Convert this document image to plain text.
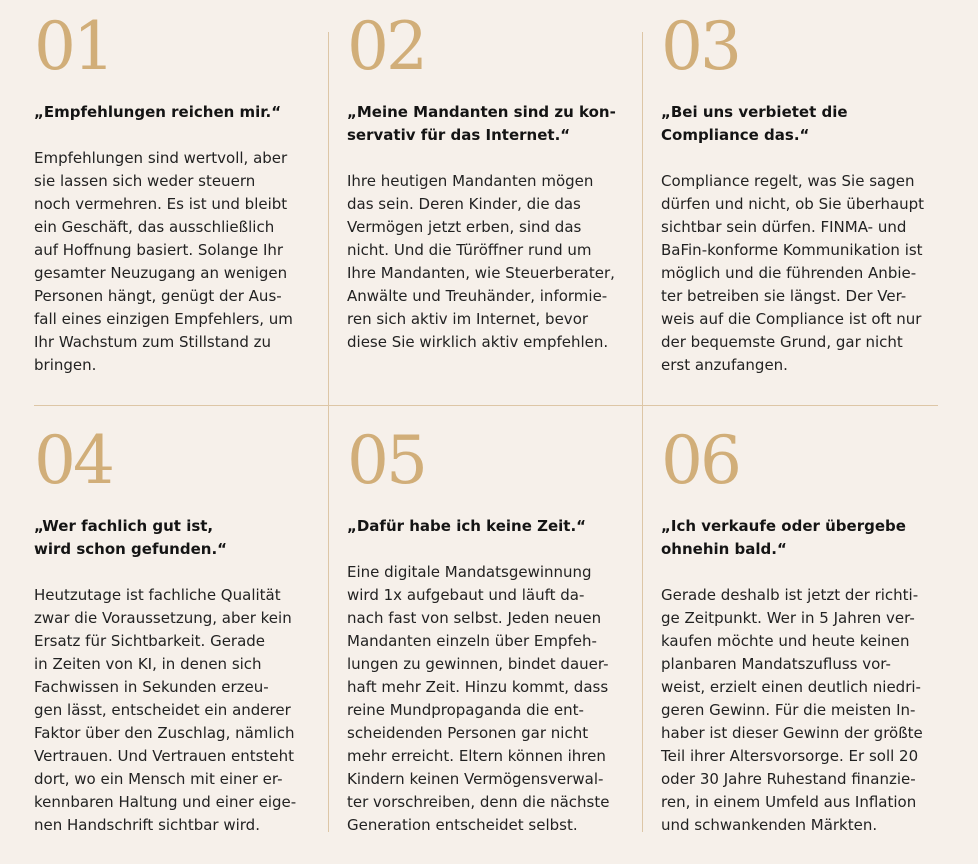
01
„Empfehlungen reichen mir.“

Empfehlungen sind wertvoll, aber
sie lassen sich weder steuern
noch vermehren. Es ist und bleibt
ein Geschäft, das ausschließlich
auf Hoffnung basiert. Solange Ihr
gesamter Neuzugang an wenigen
Personen hängt, genügt der Aus-
fall eines einzigen Empfehlers, um
Ihr Wachstum zum Stillstand zu
bringen.

02
„Meine Mandanten sind zu kon-
servativ für das Internet.“

Ihre heutigen Mandanten mögen
das sein. Deren Kinder, die das
Vermögen jetzt erben, sind das
nicht. Und die Türöffner rund um
Ihre Mandanten, wie Steuerberater,
Anwälte und Treuhänder, informie-
ren sich aktiv im Internet, bevor
diese Sie wirklich aktiv empfehlen.

03
„Bei uns verbietet die
Compliance das.“

Compliance regelt, was Sie sagen
dürfen und nicht, ob Sie überhaupt
sichtbar sein dürfen. FINMA- und
BaFin-konforme Kommunikation ist
möglich und die führenden Anbie-
ter betreiben sie längst. Der Ver-
weis auf die Compliance ist oft nur
der bequemste Grund, gar nicht
erst anzufangen.

04
„Wer fachlich gut ist,
wird schon gefunden.“

Heutzutage ist fachliche Qualität
zwar die Voraussetzung, aber kein
Ersatz für Sichtbarkeit. Gerade
in Zeiten von KI, in denen sich
Fachwissen in Sekunden erzeu-
gen lässt, entscheidet ein anderer
Faktor über den Zuschlag, nämlich
Vertrauen. Und Vertrauen entsteht
dort, wo ein Mensch mit einer er-
kennbaren Haltung und einer eige-
nen Handschrift sichtbar wird.

05
„Dafür habe ich keine Zeit.“

Eine digitale Mandatsgewinnung
wird 1x aufgebaut und läuft da-
nach fast von selbst. Jeden neuen
Mandanten einzeln über Empfeh-
lungen zu gewinnen, bindet dauer-
haft mehr Zeit. Hinzu kommt, dass
reine Mundpropaganda die ent-
scheidenden Personen gar nicht
mehr erreicht. Eltern können ihren
Kindern keinen Vermögensverwal-
ter vorschreiben, denn die nächste
Generation entscheidet selbst.

06
„Ich verkaufe oder übergebe
ohnehin bald.“

Gerade deshalb ist jetzt der richti-
ge Zeitpunkt. Wer in 5 Jahren ver-
kaufen möchte und heute keinen
planbaren Mandatszufluss vor-
weist, erzielt einen deutlich niedri-
geren Gewinn. Für die meisten In-
haber ist dieser Gewinn der größte
Teil ihrer Altersvorsorge. Er soll 20
oder 30 Jahre Ruhestand finanzie-
ren, in einem Umfeld aus Inflation
und schwankenden Märkten.
